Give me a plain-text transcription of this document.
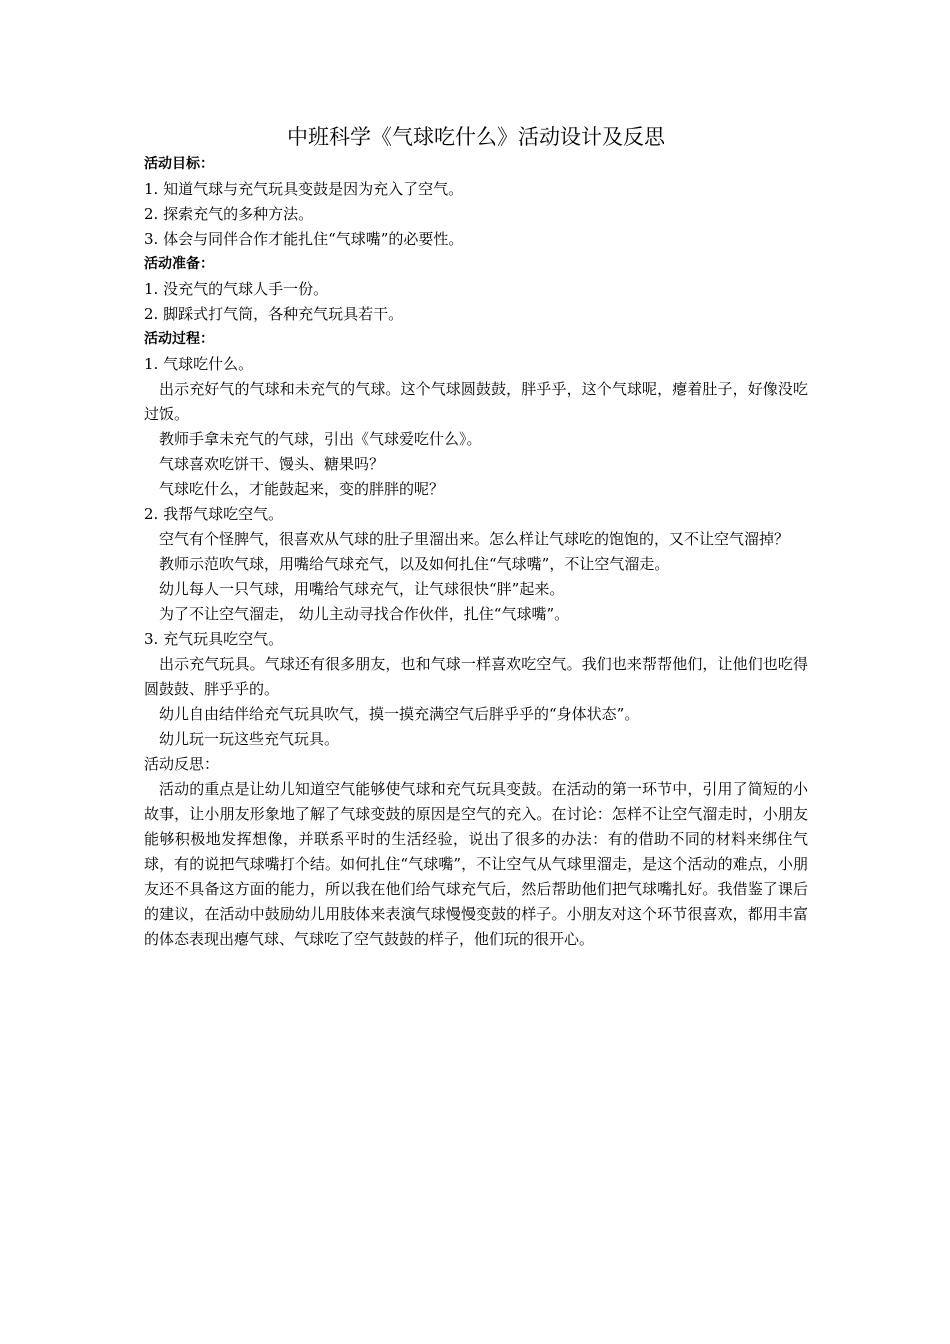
中班科学《气球吃什么》活动设计及反思

活动目标：

1. 知道气球与充气玩具变鼓是因为充入了空气。

2. 探索充气的多种方法。

3. 体会与同伴合作才能扎住“气球嘴”的必要性。

活动准备：

1. 没充气的气球人手一份。

2. 脚踩式打气筒，各种充气玩具若干。

活动过程：

1. 气球吃什么。

出示充好气的气球和未充气的气球。这个气球圆鼓鼓，胖乎乎，这个气球呢，瘪着肚子，好像没吃过饭。

教师手拿未充气的气球，引出《气球爱吃什么》。

气球喜欢吃饼干、馒头、糖果吗？

气球吃什么，才能鼓起来，变的胖胖的呢？

2. 我帮气球吃空气。

空气有个怪脾气，很喜欢从气球的肚子里溜出来。怎么样让气球吃的饱饱的，又不让空气溜掉？

教师示范吹气球，用嘴给气球充气，以及如何扎住“气球嘴”，不让空气溜走。

幼儿每人一只气球，用嘴给气球充气，让气球很快“胖”起来。

为了不让空气溜走， 幼儿主动寻找合作伙伴，扎住“气球嘴”。

3. 充气玩具吃空气。

出示充气玩具。气球还有很多朋友，也和气球一样喜欢吃空气。我们也来帮帮他们，让他们也吃得圆鼓鼓、胖乎乎的。

幼儿自由结伴给充气玩具吹气，摸一摸充满空气后胖乎乎的“身体状态”。

幼儿玩一玩这些充气玩具。

活动反思：

活动的重点是让幼儿知道空气能够使气球和充气玩具变鼓。在活动的第一环节中，引用了简短的小故事，让小朋友形象地了解了气球变鼓的原因是空气的充入。在讨论：怎样不让空气溜走时，小朋友能够积极地发挥想像，并联系平时的生活经验，说出了很多的办法：有的借助不同的材料来绑住气球，有的说把气球嘴打个结。如何扎住“气球嘴”，不让空气从气球里溜走，是这个活动的难点，小朋友还不具备这方面的能力，所以我在他们给气球充气后，然后帮助他们把气球嘴扎好。我借鉴了课后的建议，在活动中鼓励幼儿用肢体来表演气球慢慢变鼓的样子。小朋友对这个环节很喜欢，都用丰富的体态表现出瘪气球、气球吃了空气鼓鼓的样子，他们玩的很开心。
